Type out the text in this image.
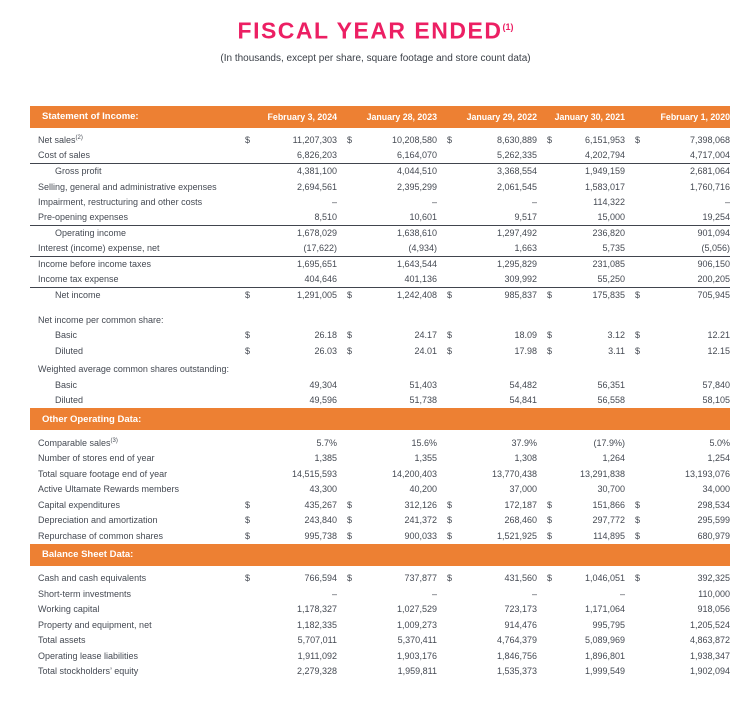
FISCAL YEAR ENDED$^{(1)}$
(In thousands, except per share, square footage and store count data)
Statement of Income:	February 3, 2024	January 28, 2023	January 29, 2022	January 30, 2021	February 1, 2020
Net sales$^{(2)}$	$	11,207,303 $	10,208,580 $	8,630,889 $	6,151,953 $	7,398,068
Cost of sales	6,826,203	6,164,070	5,262,335	4,202,794	4,717,004
Gross profit	4,381,100	4,044,510	3,368,554	1,949,159	2,681,064
Selling, general and administrative expenses	2,694,561	2,395,299	2,061,545	1,583,017	1,760,716
Impairment, restructuring and other costs	–	–	–	114,322	–
Pre-opening expenses	8,510	10,601	9,517	15,000	19,254
Operating income	1,678,029	1,638,610	1,297,492	236,820	901,094
Interest (income) expense, net	(17,622)	(4,934)	1,663	5,735	(5,056)
Income before income taxes	1,695,651	1,643,544	1,295,829	231,085	906,150
Income tax expense	404,646	401,136	309,992	55,250	200,205
Net income	$	1,291,005 $	1,242,408 $	985,837 $	175,835 $	705,945
Net income per common share:
Basic	$	26.18 $	24.17 $	18.09 $	3.12 $	12.21
Diluted	$	26.03 $	24.01 $	17.98 $	3.11 $	12.15
Weighted average common shares outstanding:
Basic	49,304	51,403	54,482	56,351	57,840
Diluted	49,596	51,738	54,841	56,558	58,105
Other Operating Data:
Comparable sales$^{(3)}$	5.7%	15.6%	37.9%	(17.9%)	5.0%
Number of stores end of year	1,385	1,355	1,308	1,264	1,254
Total square footage end of year	14,515,593	14,200,403	13,770,438	13,291,838	13,193,076
Active Ultamate Rewards members	43,300	40,200	37,000	30,700	34,000
Capital expenditures	$	435,267 $	312,126 $	172,187 $	151,866 $	298,534
Depreciation and amortization	$	243,840 $	241,372 $	268,460 $	297,772 $	295,599
Repurchase of common shares	$	995,738 $	900,033 $	1,521,925 $	114,895 $	680,979
Balance Sheet Data:
Cash and cash equivalents	$	766,594 $	737,877 $	431,560 $	1,046,051 $	392,325
Short-term investments	–	–	–	–	110,000
Working capital	1,178,327	1,027,529	723,173	1,171,064	918,056
Property and equipment, net	1,182,335	1,009,273	914,476	995,795	1,205,524
Total assets	5,707,011	5,370,411	4,764,379	5,089,969	4,863,872
Operating lease liabilities	1,911,092	1,903,176	1,846,756	1,896,801	1,938,347
Total stockholders’ equity	2,279,328	1,959,811	1,535,373	1,999,549	1,902,094
